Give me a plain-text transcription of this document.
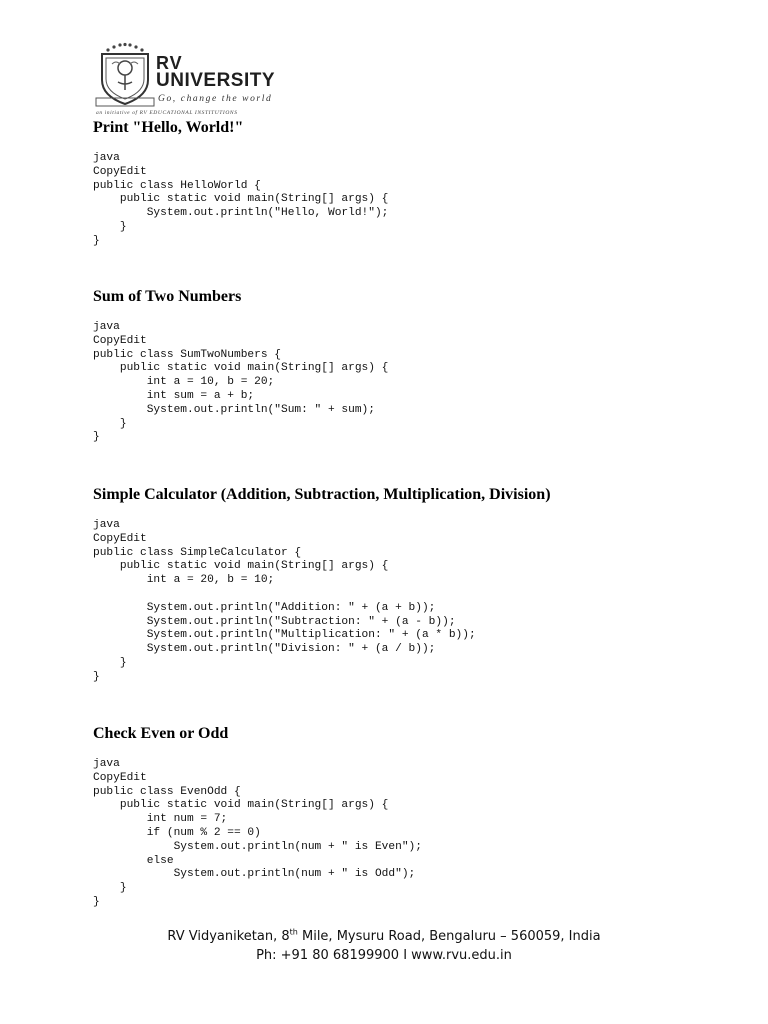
RV
UNIVERSITY
Go, change the world
an initiative of RV EDUCATIONAL INSTITUTIONS
Print "Hello, World!"
java
CopyEdit
public class HelloWorld {
public static void main(String[] args) {
System.out.println("Hello, World!");
}
}
Sum of Two Numbers
java
CopyEdit
public class SumTwoNumbers {
public static void main(String[] args) {
int a = 10, b = 20;
int sum = a + b;
System.out.println("Sum: " + sum);
}
}
Simple Calculator (Addition, Subtraction, Multiplication, Division)
java
CopyEdit
public class SimpleCalculator {
public static void main(String[] args) {
int a = 20, b = 10;

System.out.println("Addition: " + (a + b));
System.out.println("Subtraction: " + (a - b));
System.out.println("Multiplication: " + (a * b));
System.out.println("Division: " + (a / b));
}
}
Check Even or Odd
java
CopyEdit
public class EvenOdd {
public static void main(String[] args) {
int num = 7;
if (num % 2 == 0)
System.out.println(num + " is Even");
else
System.out.println(num + " is Odd");
}
}
RV Vidyaniketan, 8th Mile, Mysuru Road, Bengaluru – 560059, India
Ph: +91 80 68199900 I www.rvu.edu.in
